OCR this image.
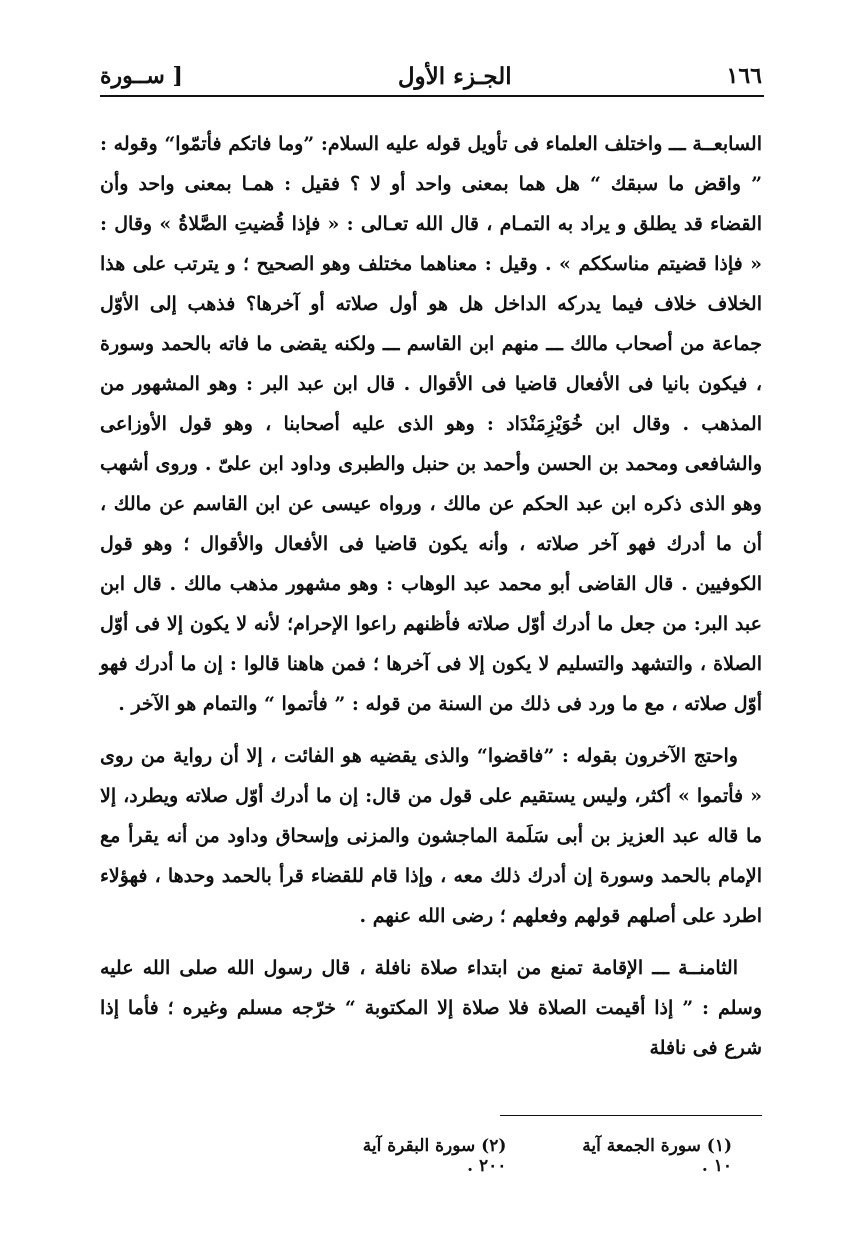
١٦٦
الجـزء الأول
[ ســورة

السابعــة ـــ واختلف العلماء فى تأويل قوله عليه السلام: ”وما فاتكم فأتمّوا“ وقوله : ” واقض ما سبقك “ هل هما بمعنى واحد أو لا ؟ فقيل : همـا بمعنى واحد وأن القضاء قد يطلق و يراد به التمـام ، قال الله تعـالى : « فإذا قُضيتِ الصَّلاةُ » وقال : « فإذا قضيتم مناسككم » . وقيل : معناهما مختلف وهو الصحيح ؛ و يترتب على هذا الخلاف خلاف فيما يدركه الداخل هل هو أول صلاته أو آخرها؟ فذهب إلى الأوّل جماعة من أصحاب مالك ـــ منهم ابن القاسم ـــ ولكنه يقضى ما فاته بالحمد وسورة ، فيكون بانيا فى الأفعال قاضيا فى الأقوال . قال ابن عبد البر : وهو المشهور من المذهب . وقال ابن خُوَيْزِمَنْدَاد : وهو الذى عليه أصحابنا ، وهو قول الأوزاعى والشافعى ومحمد بن الحسن وأحمد بن حنبل والطبرى وداود ابن علىّ . وروى أشهب وهو الذى ذكره ابن عبد الحكم عن مالك ، ورواه عيسى عن ابن القاسم عن مالك ، أن ما أدرك فهو آخر صلاته ، وأنه يكون قاضيا فى الأفعال والأقوال ؛ وهو قول الكوفيين . قال القاضى أبو محمد عبد الوهاب : وهو مشهور مذهب مالك . قال ابن عبد البر: من جعل ما أدرك أوّل صلاته فأظنهم راعوا الإحرام؛ لأنه لا يكون إلا فى أوّل الصلاة ، والتشهد والتسليم لا يكون إلا فى آخرها ؛ فمن هاهنا قالوا : إن ما أدرك فهو أوّل صلاته ، مع ما ورد فى ذلك من السنة من قوله : ” فأتموا “ والتمام هو الآخر .

واحتج الآخرون بقوله : ”فاقضوا“ والذى يقضيه هو الفائت ، إلا أن رواية من روى « فأتموا » أكثر، وليس يستقيم على قول من قال: إن ما أدرك أوّل صلاته ويطرد، إلا ما قاله عبد العزيز بن أبى سَلَمة الماجشون والمزنى وإسحاق وداود من أنه يقرأ مع الإمام بالحمد وسورة إن أدرك ذلك معه ، وإذا قام للقضاء قرأ بالحمد وحدها ، فهؤلاء اطرد على أصلهم قولهم وفعلهم ؛ رضى الله عنهم .

الثامنــة ـــ الإقامة تمنع من ابتداء صلاة نافلة ، قال رسول الله صلى الله عليه وسلم : ” إذا أقيمت الصلاة فلا صلاة إلا المكتوبة “ خرّجه مسلم وغيره ؛ فأما إذا شرع فى نافلة

(١) سورة الجمعة آية ١٠ .
(٢) سورة البقرة آية ٢٠٠ .
